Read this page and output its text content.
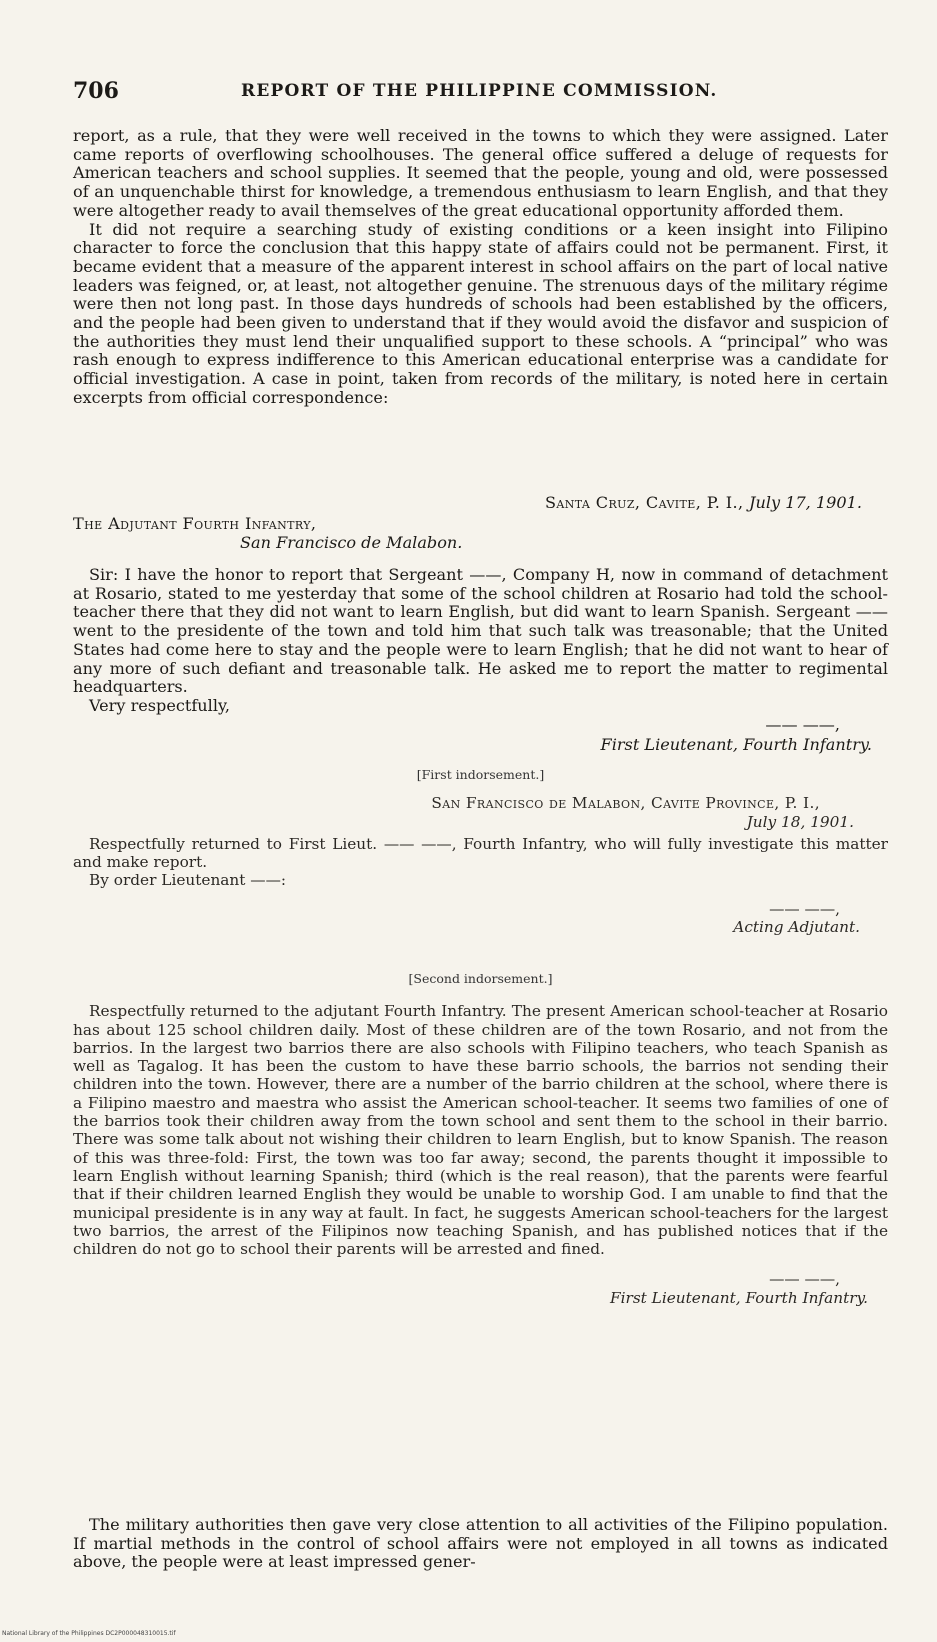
706	REPORT OF THE PHILIPPINE COMMISSION.

report, as a rule, that they were well received in the towns to which they were assigned. Later came reports of overflowing schoolhouses. The general office suffered a deluge of requests for American teachers and school supplies. It seemed that the people, young and old, were possessed of an unquenchable thirst for knowledge, a tremendous enthusiasm to learn English, and that they were altogether ready to avail themselves of the great educational opportunity afforded them.

It did not require a searching study of existing conditions or a keen insight into Filipino character to force the conclusion that this happy state of affairs could not be permanent. First, it became evident that a measure of the apparent interest in school affairs on the part of local native leaders was feigned, or, at least, not altogether genuine. The strenuous days of the military régime were then not long past. In those days hundreds of schools had been established by the officers, and the people had been given to understand that if they would avoid the disfavor and suspicion of the authorities they must lend their unqualified support to these schools. A “principal” who was rash enough to express indifference to this American educational enterprise was a candidate for official investigation. A case in point, taken from records of the military, is noted here in certain excerpts from official correspondence:

Santa Cruz, Cavite, P. I., July 17, 1901.
The Adjutant Fourth Infantry,
San Francisco de Malabon.

Sir: I have the honor to report that Sergeant ——, Company H, now in command of detachment at Rosario, stated to me yesterday that some of the school children at Rosario had told the school-teacher there that they did not want to learn English, but did want to learn Spanish. Sergeant —— went to the presidente of the town and told him that such talk was treasonable; that the United States had come here to stay and the people were to learn English; that he did not want to hear of any more of such defiant and treasonable talk. He asked me to report the matter to regimental headquarters.

Very respectfully,

—— ——,
First Lieutenant, Fourth Infantry.
[First indorsement.]
San Francisco de Malabon, Cavite Province, P. I.,
July 18, 1901.

Respectfully returned to First Lieut. —— ——, Fourth Infantry, who will fully investigate this matter and make report.

By order Lieutenant ——:

—— ——,
Acting Adjutant.
[Second indorsement.]

Respectfully returned to the adjutant Fourth Infantry. The present American school-teacher at Rosario has about 125 school children daily. Most of these children are of the town Rosario, and not from the barrios. In the largest two barrios there are also schools with Filipino teachers, who teach Spanish as well as Tagalog. It has been the custom to have these barrio schools, the barrios not sending their children into the town. However, there are a number of the barrio children at the school, where there is a Filipino maestro and maestra who assist the American school-teacher. It seems two families of one of the barrios took their children away from the town school and sent them to the school in their barrio. There was some talk about not wishing their children to learn English, but to know Spanish. The reason of this was three-fold: First, the town was too far away; second, the parents thought it impossible to learn English without learning Spanish; third (which is the real reason), that the parents were fearful that if their children learned English they would be unable to worship God. I am unable to find that the municipal presidente is in any way at fault. In fact, he suggests American school-teachers for the largest two barrios, the arrest of the Filipinos now teaching Spanish, and has published notices that if the children do not go to school their parents will be arrested and fined.

—— ——,
First Lieutenant, Fourth Infantry.

The military authorities then gave very close attention to all activities of the Filipino population. If martial methods in the control of school affairs were not employed in all towns as indicated above, the people were at least impressed gener-

National Library of the Philippines DC2P000048310015.tif
